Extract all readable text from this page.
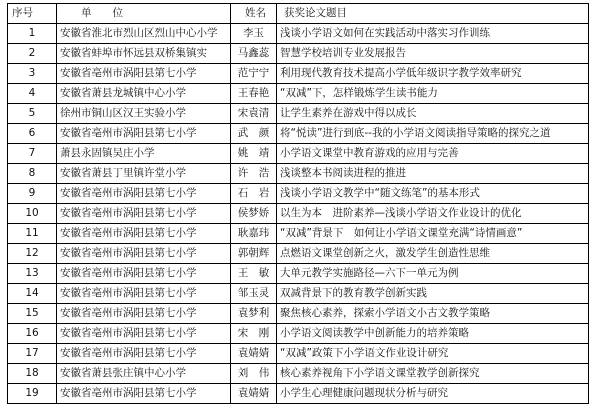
序号	单　　位	姓名	获奖论文题目
1	安徽省淮北市烈山区烈山中心小学	李玉	浅谈小学语文如何在实践活动中落实习作训练
2	安徽省蚌埠市怀远县双桥集镇实	马鑫蕊	智慧学校培训专业发展报告
3	安徽省亳州市涡阳县第七小学	范宁宁	利用现代教育技术提高小学低年级识字教学效率研究
4	安徽省萧县龙城镇中心小学	王春艳	“双减”下，怎样锻炼学生读书能力
5	徐州市铜山区汉王实验小学	宋袁清	让学生素养在游戏中得以成长
6	安徽省亳州市涡阳县第七小学	武　颜	将“悦读”进行到底--我的小学语文阅读指导策略的探究之道
7	萧县永固镇吴庄小学	姚　靖	小学语文课堂中教育游戏的应用与完善
8	安徽省萧县丁里镇许堂小学	许　浩	浅谈整本书阅读进程的推进
9	安徽省亳州市涡阳县第七小学	石　岩	浅谈小学语文教学中“随文练笔”的基本形式
10	安徽省亳州市涡阳县第七小学	侯梦娇	以生为本　进阶素养—浅谈小学语文作业设计的优化
11	安徽省亳州市涡阳县第七小学	耿嘉玮	“双减”背景下　如何让小学语文课堂充满“诗情画意”
12	安徽省亳州市涡阳县第七小学	郭朝辉	点燃语文课堂创新之火，激发学生创造性思维
13	安徽省亳州市涡阳县第七小学	王　敏	大单元教学实施路径—六下一单元为例
14	安徽省亳州市涡阳县第七小学	邹玉灵	双减背景下的教育教学创新实践
15	安徽省亳州市涡阳县第七小学	袁梦利	聚焦核心素养，探索小学语文小古文教学策略
16	安徽省亳州市涡阳县第七小学	宋　刚	小学语文阅读教学中创新能力的培养策略
17	安徽省亳州市涡阳县第七小学	袁婧婧	“双减”政策下小学语文作业设计研究
18	安徽省萧县张庄镇中心小学	刘　伟	核心素养视角下小学语文课堂教学创新探究
19	安徽省亳州市涡阳县第七小学	袁婧婧	小学生心理健康问题现状分析与研究
